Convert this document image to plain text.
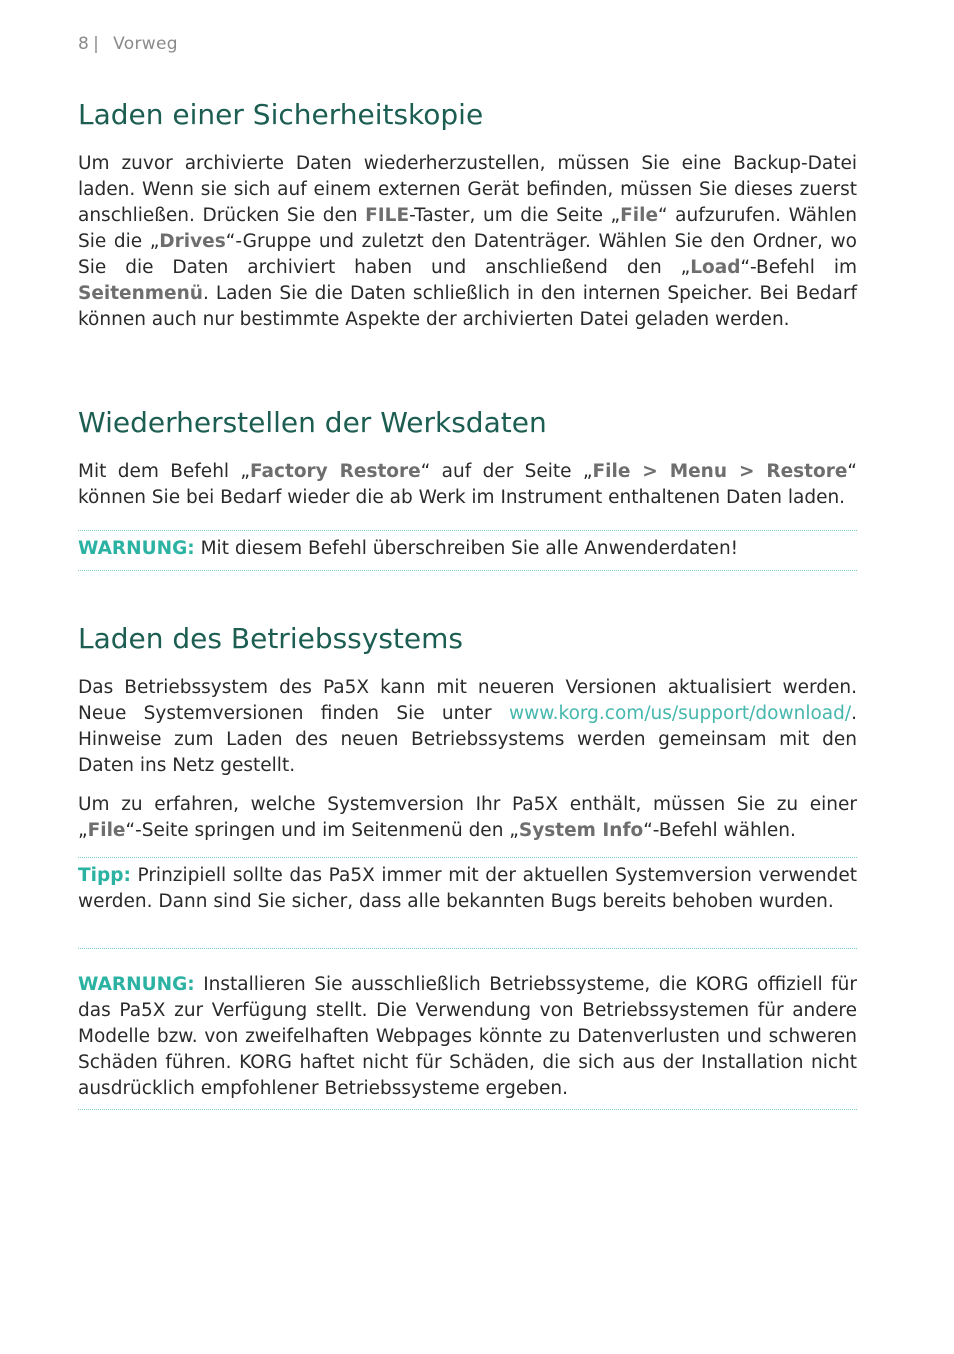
8 | Vorweg
Laden einer Sicherheitskopie

Um zuvor archivierte Daten wiederherzustellen, müssen Sie eine Backup-Datei laden. Wenn sie sich auf einem externen Gerät befinden, müssen Sie dieses zuerst anschließen. Drücken Sie den FILE-Taster, um die Seite „File“ aufzurufen. Wählen Sie die „Drives“-Gruppe und zuletzt den Datenträger. Wählen Sie den Ordner, wo Sie die Daten archiviert haben und anschließend den „Load“-Befehl im Seitenmenü. Laden Sie die Daten schließlich in den internen Speicher. Bei Bedarf können auch nur bestimmte Aspekte der archivierten Datei geladen werden.

Wiederherstellen der Werksdaten

Mit dem Befehl „Factory Restore“ auf der Seite „File > Menu > Restore“ können Sie bei Bedarf wieder die ab Werk im Instrument enthaltenen Daten laden.

WARNUNG: Mit diesem Befehl überschreiben Sie alle Anwenderdaten!

Laden des Betriebssystems

Das Betriebssystem des Pa5X kann mit neueren Versionen aktualisiert werden. Neue Systemversionen finden Sie unter www.korg.com/us/support/download/. Hinweise zum Laden des neuen Betriebssystems werden gemeinsam mit den Daten ins Netz gestellt.

Um zu erfahren, welche Systemversion Ihr Pa5X enthält, müssen Sie zu einer „File“-Seite springen und im Seitenmenü den „System Info“-Befehl wählen.

Tipp: Prinzipiell sollte das Pa5X immer mit der aktuellen Systemversion verwendet werden. Dann sind Sie sicher, dass alle bekannten Bugs bereits behoben wurden.

WARNUNG: Installieren Sie ausschließlich Betriebssysteme, die KORG offiziell für das Pa5X zur Verfügung stellt. Die Verwendung von Betriebssystemen für andere Modelle bzw. von zweifelhaften Webpages könnte zu Datenverlusten und schweren Schäden führen. KORG haftet nicht für Schäden, die sich aus der Installation nicht ausdrücklich empfohlener Betriebssysteme ergeben.
